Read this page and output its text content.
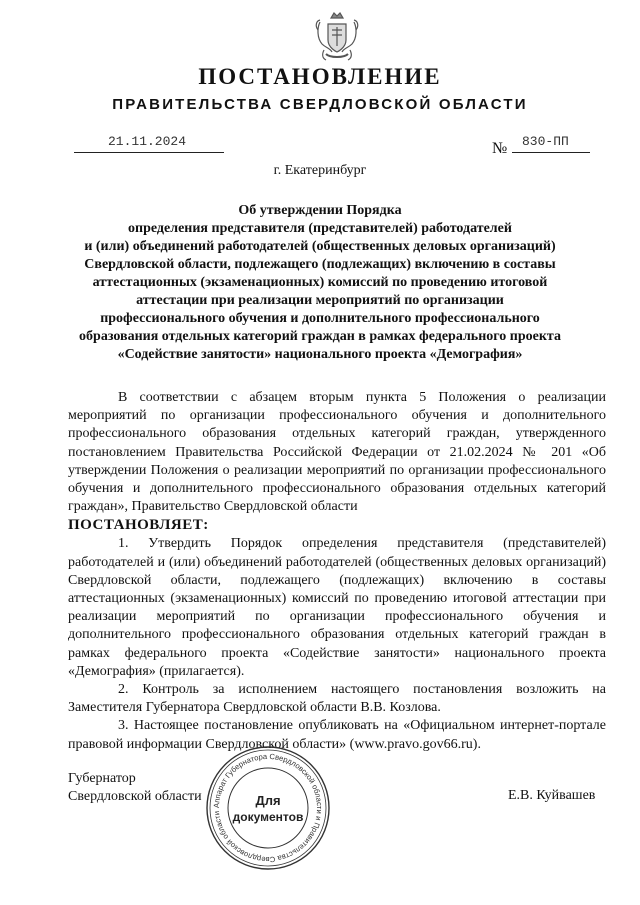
ПОСТАНОВЛЕНИЕ
ПРАВИТЕЛЬСТВА СВЕРДЛОВСКОЙ ОБЛАСТИ
21.11.2024	№ 830-ПП
г. Екатеринбург
Об утверждении Порядка
определения представителя (представителей) работодателей
и (или) объединений работодателей (общественных деловых организаций)
Свердловской области, подлежащего (подлежащих) включению в составы
аттестационных (экзаменационных) комиссий по проведению итоговой
аттестации при реализации мероприятий по организации
профессионального обучения и дополнительного профессионального
образования отдельных категорий граждан в рамках федерального проекта
«Содействие занятости» национального проекта «Демография»

В соответствии с абзацем вторым пункта 5 Положения о реализации мероприятий по организации профессионального обучения и дополнительного профессионального образования отдельных категорий граждан, утвержденного постановлением Правительства Российской Федерации от 21.02.2024 № 201 «Об утверждении Положения о реализации мероприятий по организации профессионального обучения и дополнительного профессионального образования отдельных категорий граждан», Правительство Свердловской области

ПОСТАНОВЛЯЕТ:

1. Утвердить Порядок определения представителя (представителей) работодателей и (или) объединений работодателей (общественных деловых организаций) Свердловской области, подлежащего (подлежащих) включению в составы аттестационных (экзаменационных) комиссий по проведению итоговой аттестации при реализации мероприятий по организации профессионального обучения и дополнительного профессионального образования отдельных категорий граждан в рамках федерального проекта «Содействие занятости» национального проекта «Демография» (прилагается).

2. Контроль за исполнением настоящего постановления возложить на Заместителя Губернатора Свердловской области В.В. Козлова.

3. Настоящее постановление опубликовать на «Официальном интернет-портале правовой информации Свердловской области» (www.pravo.gov66.ru).

Губернатор
Свердловской области	Е.В. Куйвашев
Аппарат Губернатора Свердловской области и Правительства Свердловской области
Для
документов
